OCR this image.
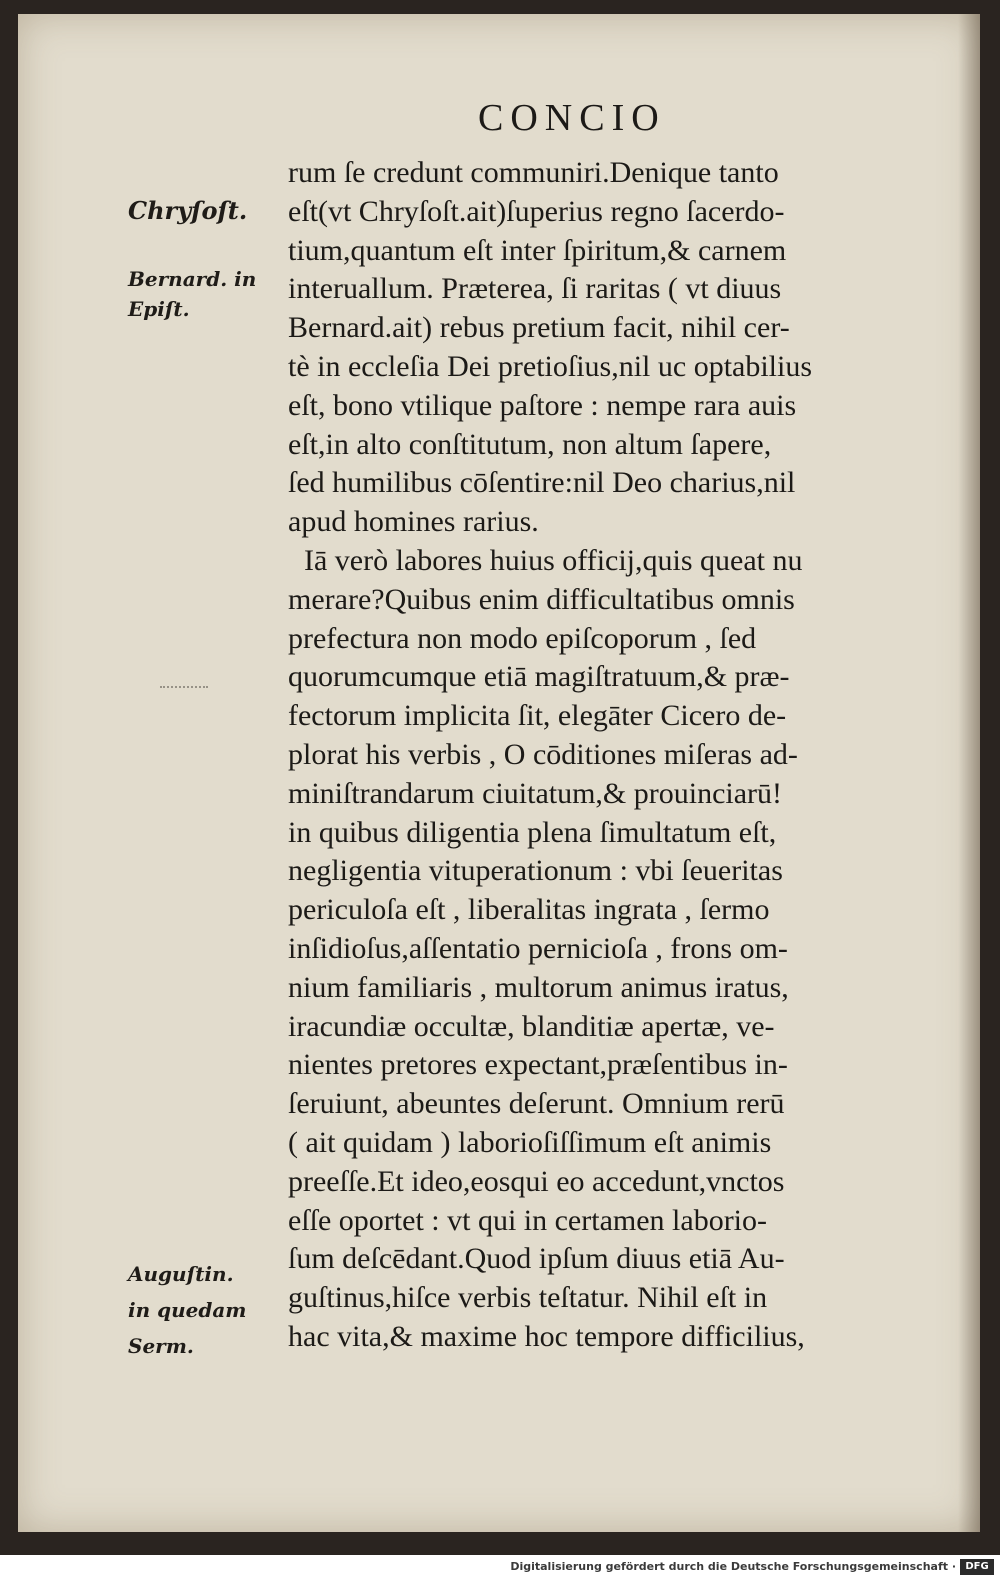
CONCIO
Chryſoſt.
Bernard. in
Epiſt.
Auguſtin.
in quedam
Serm.
rum ſe credunt communiri.Denique tanto
eſt(vt Chryſoſt.ait)ſuperius regno ſacerdo-
tium,quantum eſt inter ſpiritum,& carnem
interuallum. Præterea, ſi raritas ( vt diuus
Bernard.ait) rebus pretium facit, nihil cer-
tè in eccleſia Dei pretioſius,nil uc optabilius
eſt, bono vtilique paſtore : nempe rara auis
eſt,in alto conſtitutum, non altum ſapere,
ſed humilibus cōſentire:nil Deo charius,nil
apud homines rarius.
Iā verò labores huius officij,quis queat nu
merare?Quibus enim difficultatibus omnis
prefectura non modo epiſcoporum , ſed
quorumcumque etiā magiſtratuum,& præ-
fectorum implicita ſit, elegāter Cicero de-
plorat his verbis , O cōditiones miſeras ad-
miniſtrandarum ciuitatum,& prouinciarū!
in quibus diligentia plena ſimultatum eſt,
negligentia vituperationum : vbi ſeueritas
periculoſa eſt , liberalitas ingrata , ſermo
inſidioſus,aſſentatio pernicioſa , frons om-
nium familiaris , multorum animus iratus,
iracundiæ occultæ, blanditiæ apertæ, ve-
nientes pretores expectant,præſentibus in-
ſeruiunt, abeuntes deſerunt. Omnium rerū
( ait quidam ) laborioſiſſimum eſt animis
preeſſe.Et ideo,eosqui eo accedunt,vnctos
eſſe oportet : vt qui in certamen laborio-
ſum deſcēdant.Quod ipſum diuus etiā Au-
guſtinus,hiſce verbis teſtatur. Nihil eſt in
hac vita,& maxime hoc tempore difficilius,
Digitalisierung gefördert durch die Deutsche Forschungsgemeinschaft · DFG
